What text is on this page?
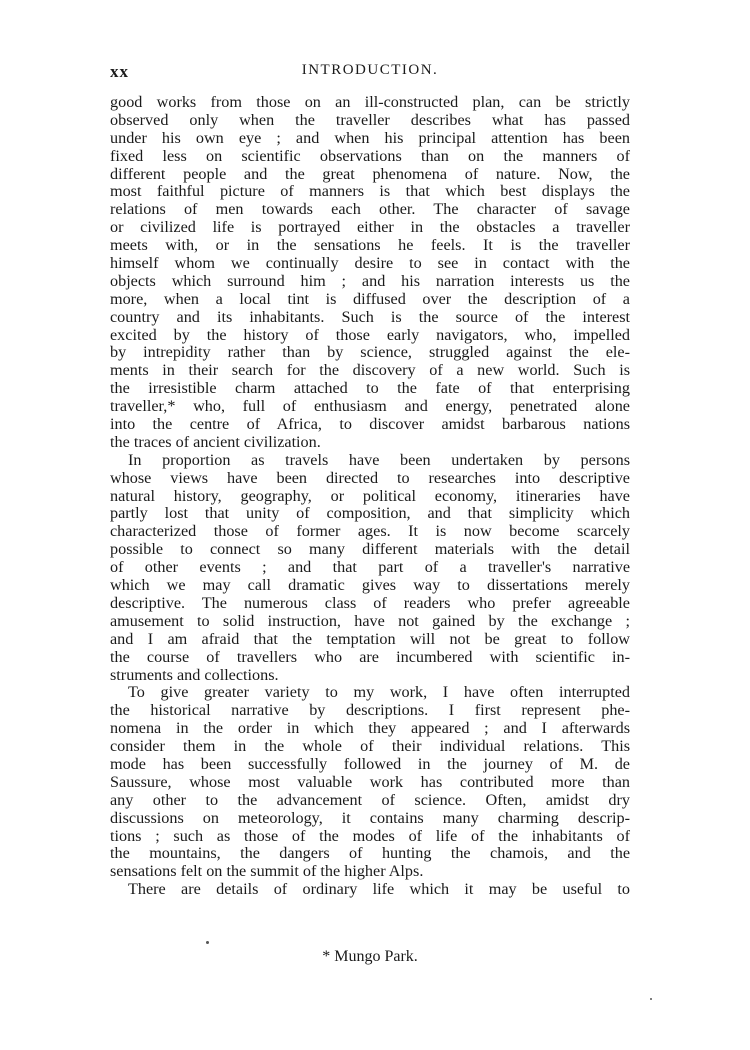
xx	INTRODUCTION.
good works from those on an ill-constructed plan, can be strictly
observed only when the traveller describes what has passed
under his own eye ; and when his principal attention has been
fixed less on scientific observations than on the manners of
different people and the great phenomena of nature. Now, the
most faithful picture of manners is that which best displays the
relations of men towards each other. The character of savage
or civilized life is portrayed either in the obstacles a traveller
meets with, or in the sensations he feels. It is the traveller
himself whom we continually desire to see in contact with the
objects which surround him ; and his narration interests us the
more, when a local tint is diffused over the description of a
country and its inhabitants. Such is the source of the interest
excited by the history of those early navigators, who, impelled
by intrepidity rather than by science, struggled against the ele-
ments in their search for the discovery of a new world. Such is
the irresistible charm attached to the fate of that enterprising
traveller,* who, full of enthusiasm and energy, penetrated alone
into the centre of Africa, to discover amidst barbarous nations
the traces of ancient civilization.
In proportion as travels have been undertaken by persons
whose views have been directed to researches into descriptive
natural history, geography, or political economy, itineraries have
partly lost that unity of composition, and that simplicity which
characterized those of former ages. It is now become scarcely
possible to connect so many different materials with the detail
of other events ; and that part of a traveller's narrative
which we may call dramatic gives way to dissertations merely
descriptive. The numerous class of readers who prefer agreeable
amusement to solid instruction, have not gained by the exchange ;
and I am afraid that the temptation will not be great to follow
the course of travellers who are incumbered with scientific in-
struments and collections.
To give greater variety to my work, I have often interrupted
the historical narrative by descriptions. I first represent phe-
nomena in the order in which they appeared ; and I afterwards
consider them in the whole of their individual relations. This
mode has been successfully followed in the journey of M. de
Saussure, whose most valuable work has contributed more than
any other to the advancement of science. Often, amidst dry
discussions on meteorology, it contains many charming descrip-
tions ; such as those of the modes of life of the inhabitants of
the mountains, the dangers of hunting the chamois, and the
sensations felt on the summit of the higher Alps.
There are details of ordinary life which it may be useful to
* Mungo Park.
